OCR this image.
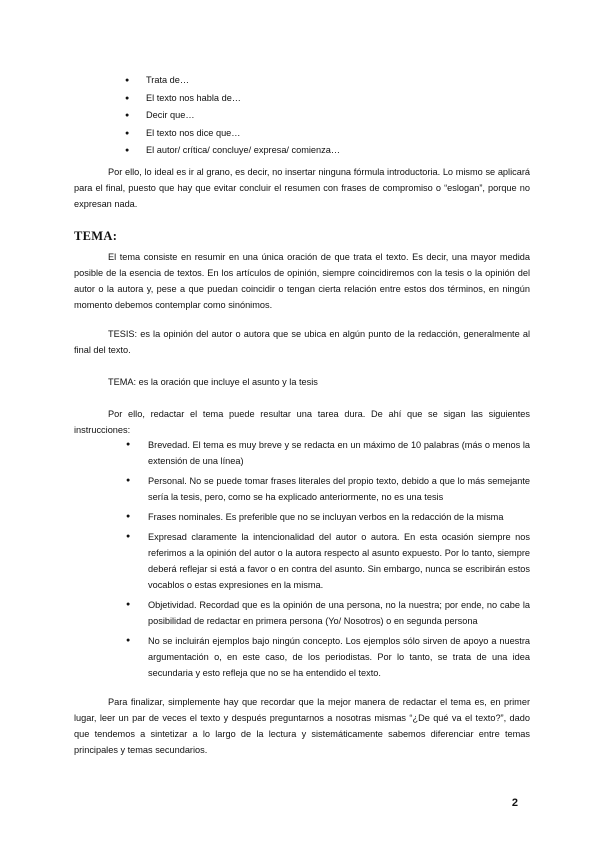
● Trata de…
● El texto nos habla de…
● Decir que…
● El texto nos dice que…
● El autor/ crítica/ concluye/ expresa/ comienza…

Por ello, lo ideal es ir al grano, es decir, no insertar ninguna fórmula introductoria. Lo mismo se aplicará para el final, puesto que hay que evitar concluir el resumen con frases de compromiso o “eslogan”, porque no expresan nada.

TEMA:

El tema consiste en resumir en una única oración de que trata el texto. Es decir, una mayor medida posible de la esencia de textos. En los artículos de opinión, siempre coincidiremos con la tesis o la opinión del autor o la autora y, pese a que puedan coincidir o tengan cierta relación entre estos dos términos, en ningún momento debemos contemplar como sinónimos.

TESIS: es la opinión del autor o autora que se ubica en algún punto de la redacción, generalmente al final del texto.

TEMA: es la oración que incluye el asunto y la tesis

Por ello, redactar el tema puede resultar una tarea dura. De ahí que se sigan las siguientes instrucciones:

● Brevedad. El tema es muy breve y se redacta en un máximo de 10 palabras (más o menos la extensión de una línea)
● Personal. No se puede tomar frases literales del propio texto, debido a que lo más semejante sería la tesis, pero, como se ha explicado anteriormente, no es una tesis
● Frases nominales. Es preferible que no se incluyan verbos en la redacción de la misma
● Expresad claramente la intencionalidad del autor o autora. En esta ocasión siempre nos referimos a la opinión del autor o la autora respecto al asunto expuesto. Por lo tanto, siempre deberá reflejar si está a favor o en contra del asunto. Sin embargo, nunca se escribirán estos vocablos o estas expresiones en la misma.
● Objetividad. Recordad que es la opinión de una persona, no la nuestra; por ende, no cabe la posibilidad de redactar en primera persona (Yo/ Nosotros) o en segunda persona
● No se incluirán ejemplos bajo ningún concepto. Los ejemplos sólo sirven de apoyo a nuestra argumentación o, en este caso, de los periodistas. Por lo tanto, se trata de una idea secundaria y esto refleja que no se ha entendido el texto.

Para finalizar, simplemente hay que recordar que la mejor manera de redactar el tema es, en primer lugar, leer un par de veces el texto y después preguntarnos a nosotras mismas “¿De qué va el texto?”, dado que tendemos a sintetizar a lo largo de la lectura y sistemáticamente sabemos diferenciar entre temas principales y temas secundarios.

2
